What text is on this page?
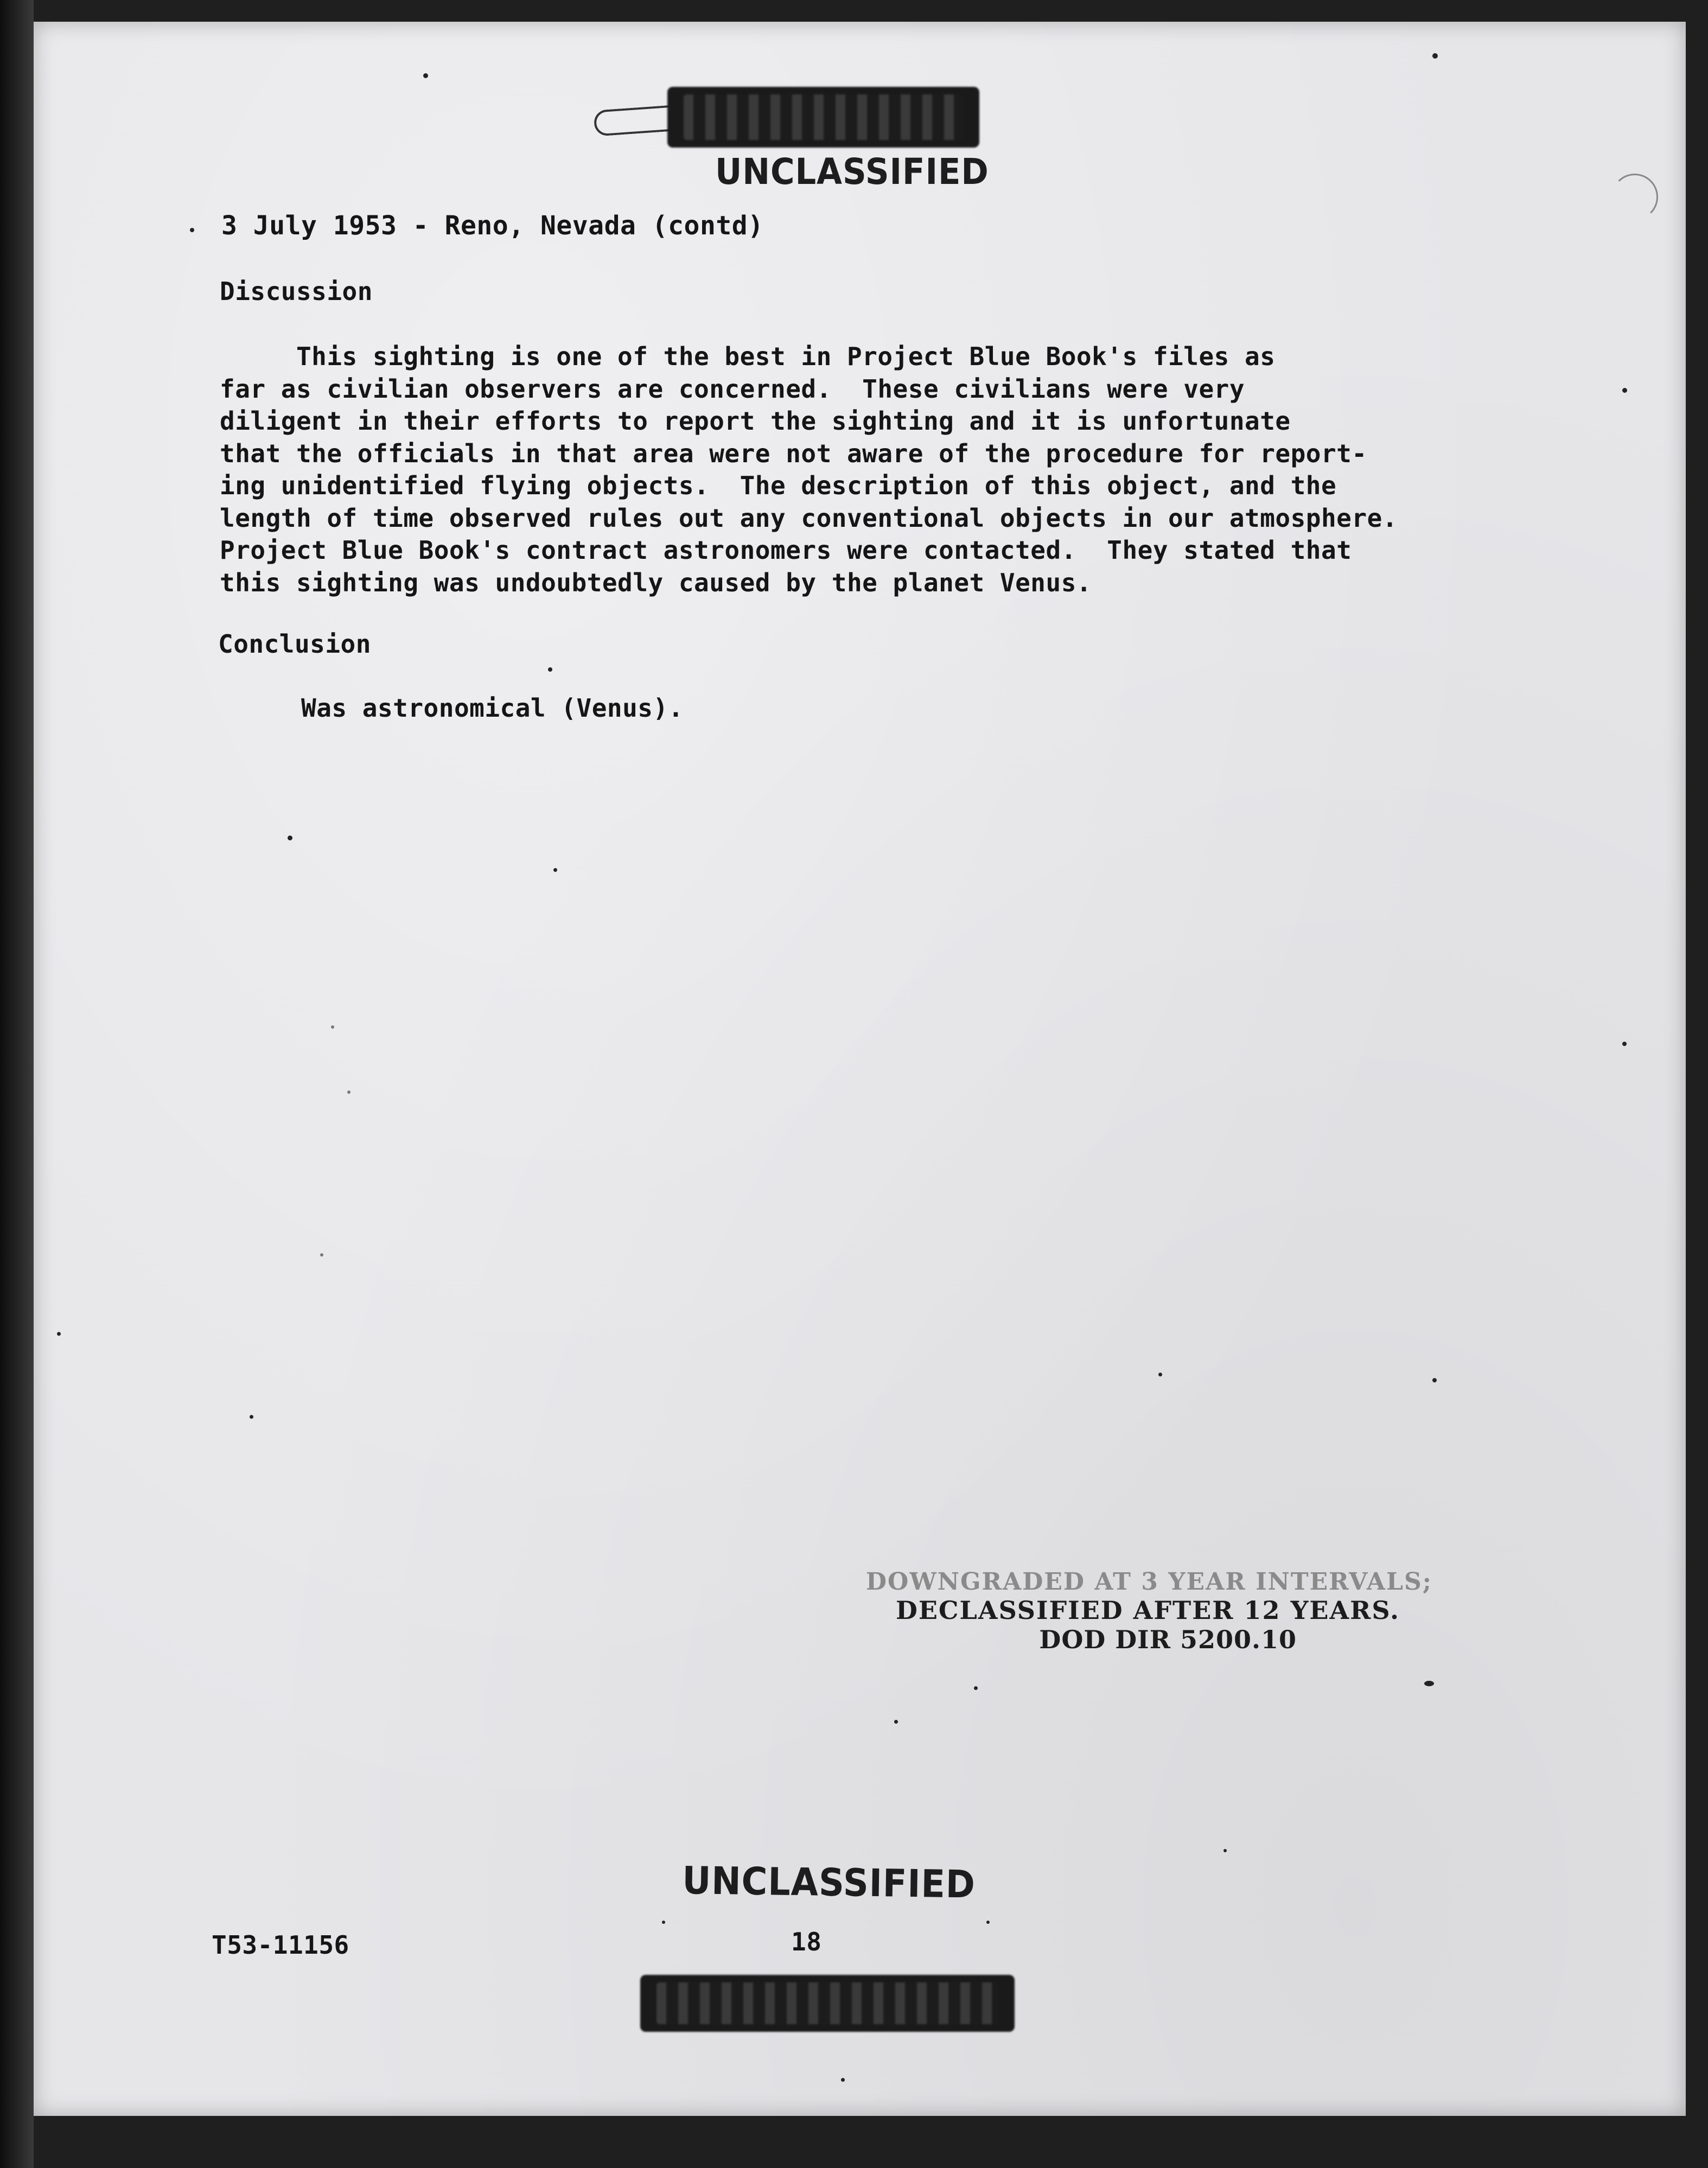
UNCLASSIFIED
3 July 1953 - Reno, Nevada (contd)
Discussion
This sighting is one of the best in Project Blue Book's files as
far as civilian observers are concerned.  These civilians were very
diligent in their efforts to report the sighting and it is unfortunate
that the officials in that area were not aware of the procedure for report-
ing unidentified flying objects.  The description of this object, and the
length of time observed rules out any conventional objects in our atmosphere.
Project Blue Book's contract astronomers were contacted.  They stated that
this sighting was undoubtedly caused by the planet Venus.
Conclusion
Was astronomical (Venus).
DOWNGRADED AT 3 YEAR INTERVALS;
DECLASSIFIED AFTER 12 YEARS.
DOD DIR 5200.10
UNCLASSIFIED
T53-11156	18
